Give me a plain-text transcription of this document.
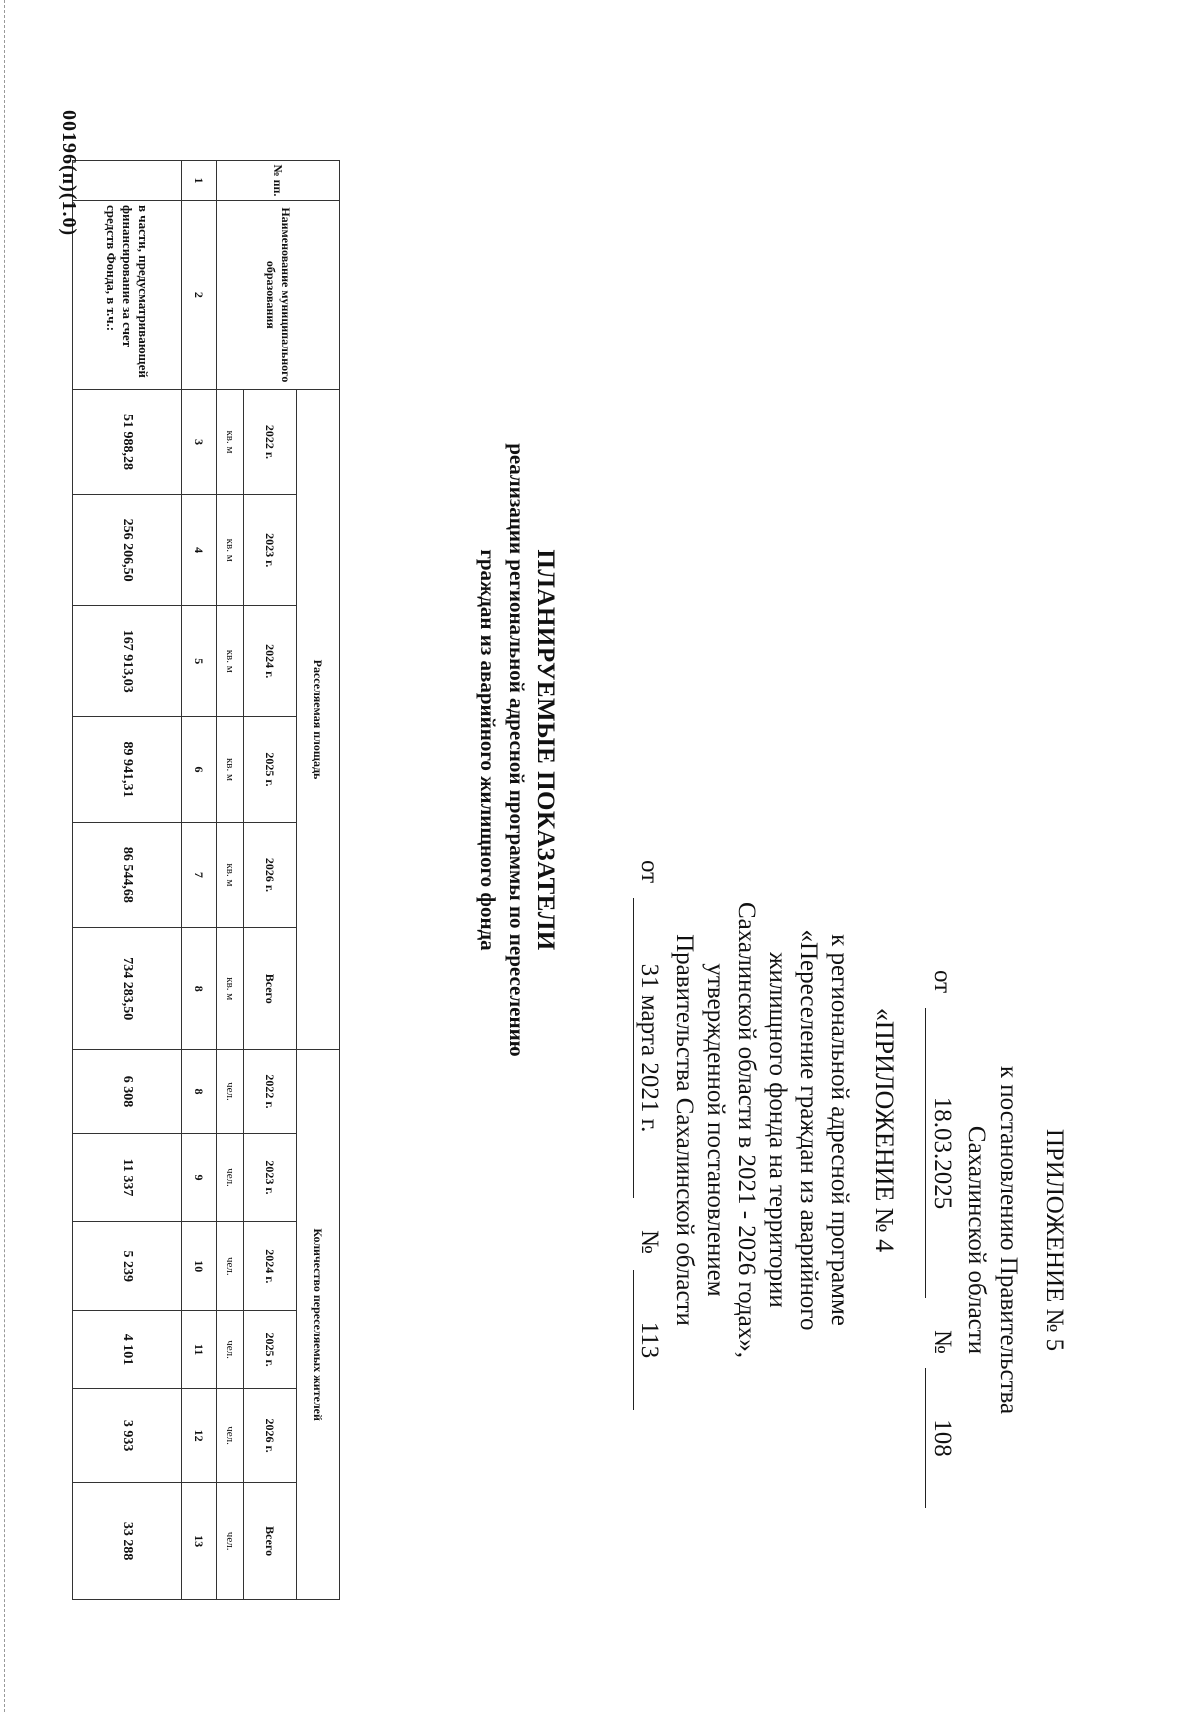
ПРИЛОЖЕНИЕ № 5
к постановлению Правительства
Сахалинской области
от
18.03.2025
№
108
«ПРИЛОЖЕНИЕ № 4
к региональной адресной программе
«Переселение граждан из аварийного
жилищного фонда на территории
Сахалинской области в 2021 - 2026 годах»,
утвержденной постановлением
Правительства Сахалинской области
от
31 марта 2021 г.
№
113
ПЛАНИРУЕМЫЕ ПОКАЗАТЕЛИ
реализации региональной адресной программы по переселению
граждан из аварийного жилищного фонда
№ пп.	Наименование муниципального образования	Расселяемая площадь						Количество переселяемых жителей					
		2022 г.	2023 г.	2024 г.	2025 г.	2026 г.	Всего	2022 г.	2023 г.	2024 г.	2025 г.	2026 г.	Всего
		кв. м	кв. м	кв. м	кв. м	кв. м	кв. м	чел.	чел.	чел.	чел.	чел.	чел.
1	2	3	4	5	6	7	8	8	9	10	11	12	13
	в части, предусматривающей финансирование за счет средств Фонда, в т.ч.:	51 988,28	256 206,50	167 913,03	89 941,31	86 544,68	734 283,50	6 308	11 337	5 239	4 101	3 933	33 288
00196(п)(1.0)
